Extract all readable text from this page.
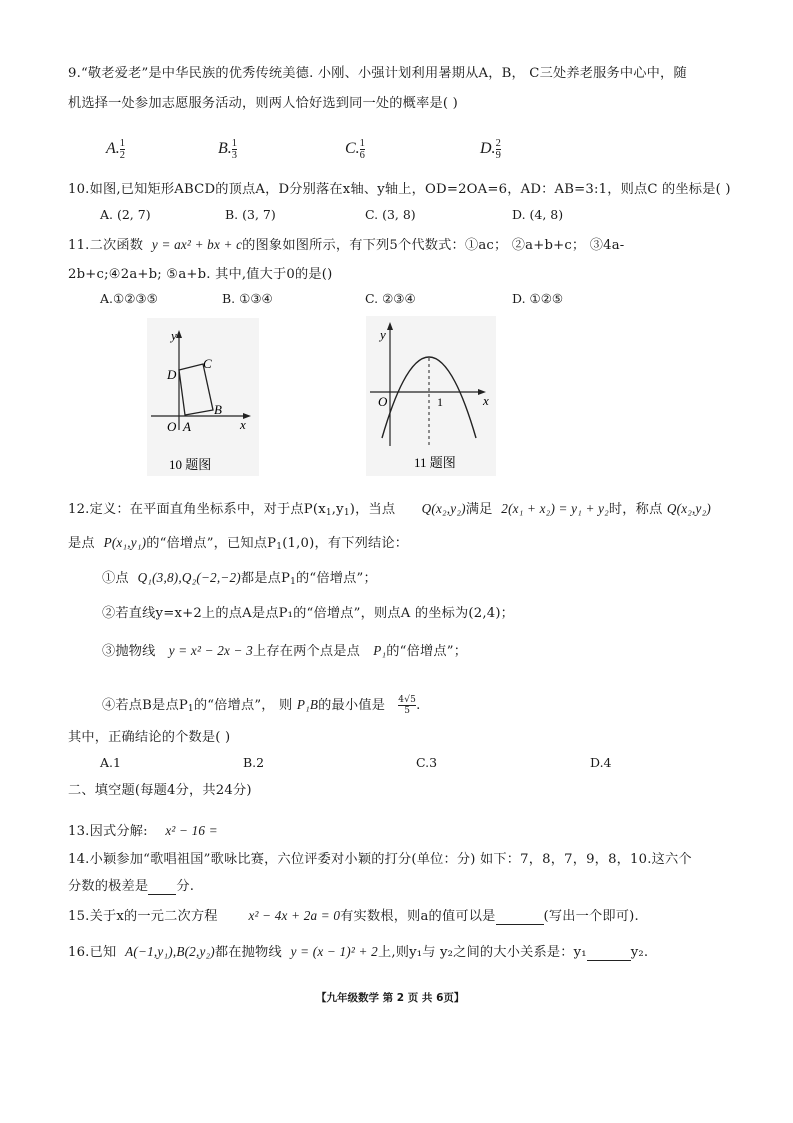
9.“敬老爱老”是中华民族的优秀传统美德. 小刚、小强计划利用暑期从A，B， C三处养老服务中心中，随
机选择一处参加志愿服务活动，则两人恰好选到同一处的概率是( )
A. $\frac{1}{2}$	B. $\frac{1}{3}$	C. $\frac{1}{6}$	D. $\frac{2}{9}$
10.如图,已知矩形ABCD的顶点A，D分别落在x轴、y轴上，OD=2OA=6，AD：AB=3:1，则点C 的坐标是( )
A. (2, 7)	B. (3, 7)	C. (3, 8)	D. (4, 8)
11.二次函数 y = ax² + bx + c的图象如图所示，有下列5个代数式：①ac； ②a+b+c； ③4a-
2b+c;④2a+b; ⑤a+b. 其中,值大于0的是()
A.①②③⑤	B. ①③④	C. ②③④	D. ①②⑤
y
D
C
B
O A	x
10 题图
y
O	1	x
11 题图
12.定义：在平面直角坐标系中，对于点$P(x_1,y_1)$，当点 Q(x₂,y₂)满足 2(x₁ + x₂) = y₁ + y₂时，称点 Q(x₂,y₂)
是点 P(x₁,y₁)的“倍增点”，已知点$P_1(1,0)$，有下列结论：
①点 Q₁(3,8),Q₂(−2,−2)都是点$P_1$的“倍增点”；
②若直线y=x+2上的点A是点P₁的“倍增点”，则点A 的坐标为(2,4)；
③抛物线 y = x² − 2x − 3上存在两个点是点 P₁的“倍增点”；
④若点B是点$P_1$的“倍增点”， 则 P₁B的最小值是 $\frac{4√5}{5}$ .
其中，正确结论的个数是( )
A.1	B.2	C.3	D.4
二、填空题(每题4分，共24分)
13.因式分解: x² − 16 =
14.小颖参加“歌唱祖国”歌咏比赛，六位评委对小颖的打分(单位：分) 如下：7，8，7，9，8，10.这六个
分数的极差是 分.
15.关于x的一元二次方程 x² − 4x + 2a = 0有实数根，则a的值可以是	(写出一个即可).
16.已知 A(−1,y₁),B(2,y₂)都在抛物线 y = (x − 1)² + 2上,则y₁与 y₂之间的大小关系是：y₁	y₂.
【九年级数学 第 2 页 共 6页】
